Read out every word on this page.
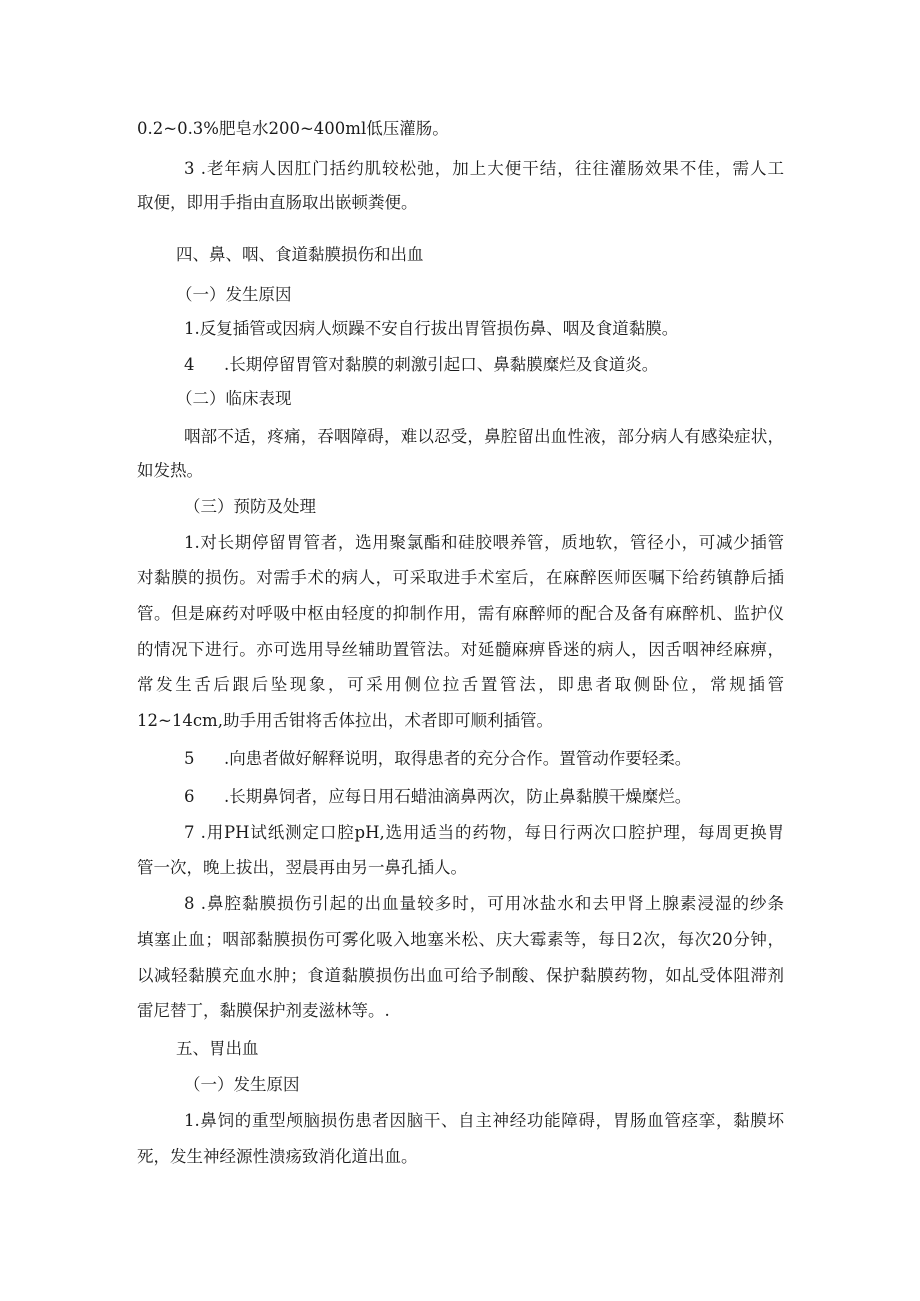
0.2~0.3%肥皂水200~400ml低压灌肠。
3 .老年病人因肛门括约肌较松弛，加上大便干结，往往灌肠效果不佳，需人工
取便，即用手指由直肠取出嵌顿粪便。
四、鼻、咽、食道黏膜损伤和出血
（一）发生原因
1.反复插管或因病人烦躁不安自行拔出胃管损伤鼻、咽及食道黏膜。
4 .长期停留胃管对黏膜的刺激引起口、鼻黏膜糜烂及食道炎。
（二）临床表现
咽部不适，疼痛，吞咽障碍，难以忍受，鼻腔留出血性液，部分病人有感染症状，
如发热。
（三）预防及处理
1.对长期停留胃管者，选用聚氯酯和硅胶喂养管，质地软，管径小，可减少插管
对黏膜的损伤。对需手术的病人，可采取进手术室后，在麻醉医师医嘱下给药镇静后插
管。但是麻药对呼吸中枢由轻度的抑制作用，需有麻醉师的配合及备有麻醉机、监护仪
的情况下进行。亦可选用导丝辅助置管法。对延髓麻痹昏迷的病人，因舌咽神经麻痹，
常发生舌后跟后坠现象，可采用侧位拉舌置管法，即患者取侧卧位，常规插管
12~14cm,助手用舌钳将舌体拉出，术者即可顺利插管。
5 .向患者做好解释说明，取得患者的充分合作。置管动作要轻柔。
6 .长期鼻饲者，应每日用石蜡油滴鼻两次，防止鼻黏膜干燥糜烂。
7 .用PH试纸测定口腔pH,选用适当的药物，每日行两次口腔护理，每周更换胃
管一次，晚上拔出，翌晨再由另一鼻孔插人。
8 .鼻腔黏膜损伤引起的出血量较多时，可用冰盐水和去甲肾上腺素浸湿的纱条
填塞止血；咽部黏膜损伤可雾化吸入地塞米松、庆大霉素等，每日2次，每次20分钟，
以减轻黏膜充血水肿；食道黏膜损伤出血可给予制酸、保护黏膜药物，如乩受体阻滞剂
雷尼替丁，黏膜保护剂麦滋林等。.
五、胃出血
（一）发生原因
1.鼻饲的重型颅脑损伤患者因脑干、自主神经功能障碍，胃肠血管痉挛，黏膜坏
死，发生神经源性溃疡致消化道出血。
